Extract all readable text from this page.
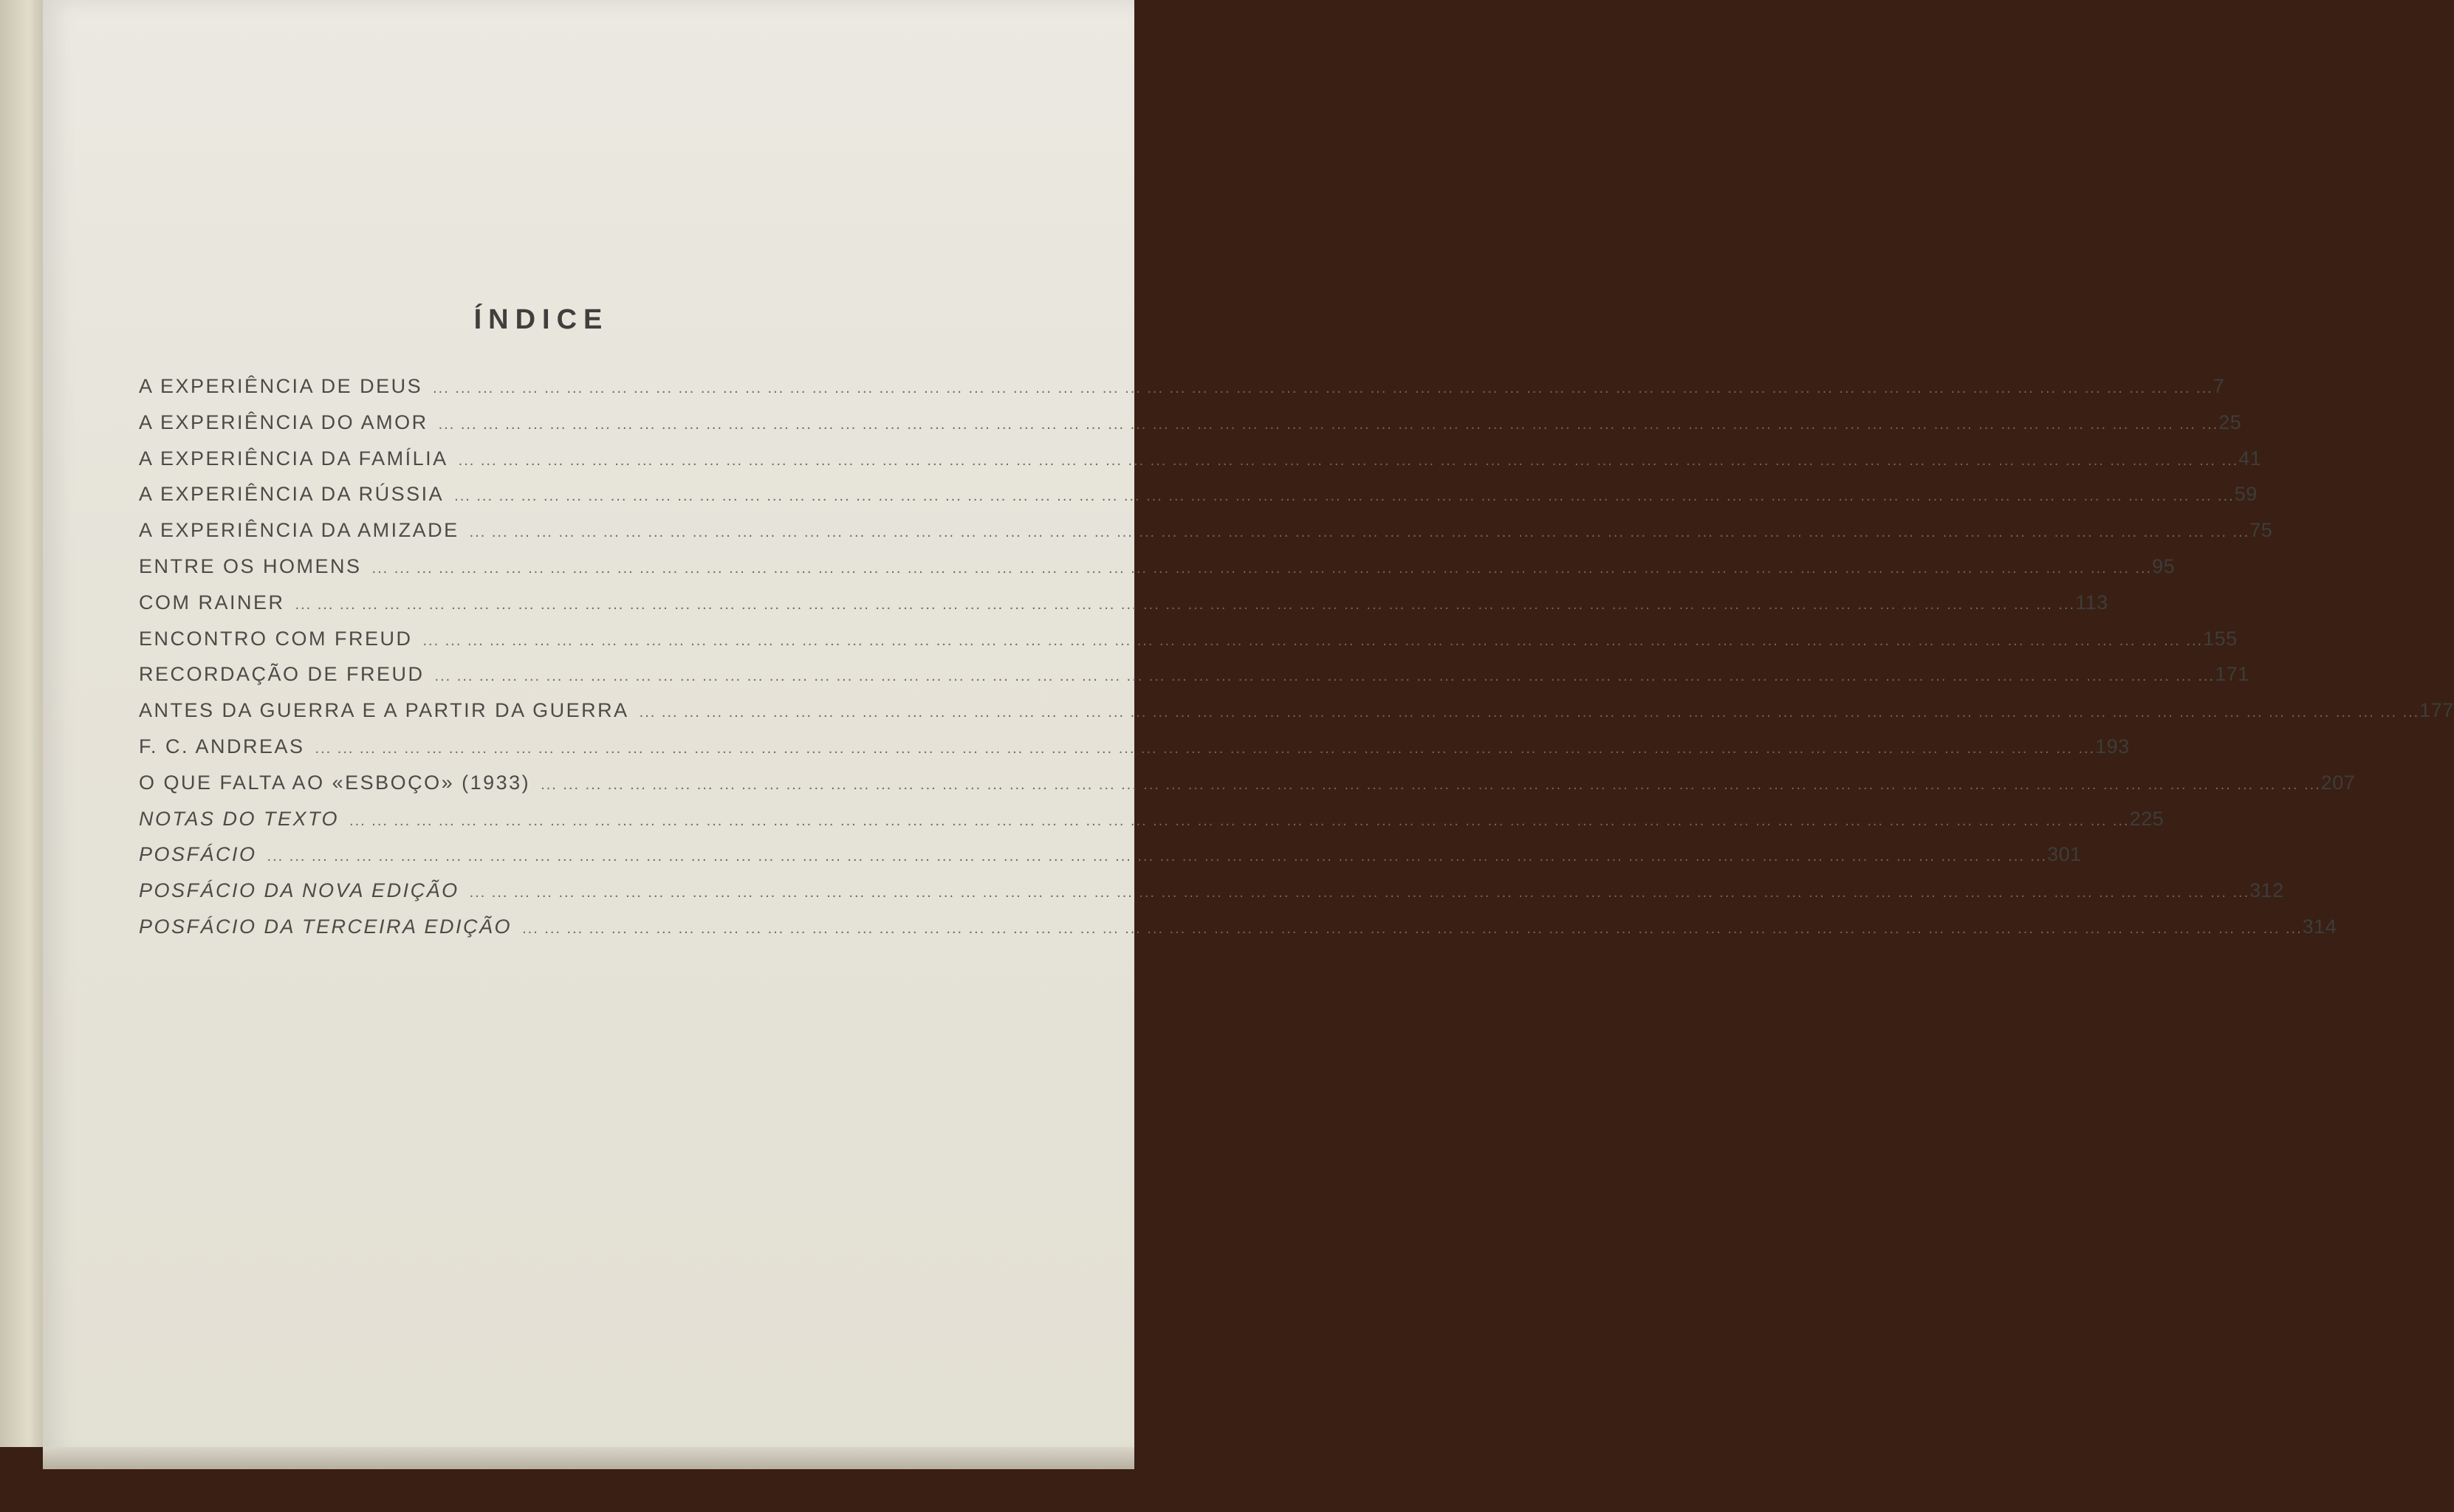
ÍNDICE
A EXPERIÊNCIA DE DEUS ... ... ... ... ... ... ... ... ... ... ... ... ... ... ... ... ... ... ... ... ... ... ... ... ... ... ... ... ... ... ... ... ... ... ... ... ... ... ... ... ... ... ... ... ... ... ... ... ... ... ... ... ... ... ... ... ... ... ... ... ... ... ... ... ... ... ... ... ... ... ... ... ... ... ... ... ... ... ... ... 7
A EXPERIÊNCIA DO AMOR ... ... ... ... ... ... ... ... ... ... ... ... ... ... ... ... ... ... ... ... ... ... ... ... ... ... ... ... ... ... ... ... ... ... ... ... ... ... ... ... ... ... ... ... ... ... ... ... ... ... ... ... ... ... ... ... ... ... ... ... ... ... ... ... ... ... ... ... ... ... ... ... ... ... ... ... ... ... ... ... 25
A EXPERIÊNCIA DA FAMÍLIA ... ... ... ... ... ... ... ... ... ... ... ... ... ... ... ... ... ... ... ... ... ... ... ... ... ... ... ... ... ... ... ... ... ... ... ... ... ... ... ... ... ... ... ... ... ... ... ... ... ... ... ... ... ... ... ... ... ... ... ... ... ... ... ... ... ... ... ... ... ... ... ... ... ... ... ... ... ... ... ... 41
A EXPERIÊNCIA DA RÚSSIA ... ... ... ... ... ... ... ... ... ... ... ... ... ... ... ... ... ... ... ... ... ... ... ... ... ... ... ... ... ... ... ... ... ... ... ... ... ... ... ... ... ... ... ... ... ... ... ... ... ... ... ... ... ... ... ... ... ... ... ... ... ... ... ... ... ... ... ... ... ... ... ... ... ... ... ... ... ... ... ... 59
A EXPERIÊNCIA DA AMIZADE ... ... ... ... ... ... ... ... ... ... ... ... ... ... ... ... ... ... ... ... ... ... ... ... ... ... ... ... ... ... ... ... ... ... ... ... ... ... ... ... ... ... ... ... ... ... ... ... ... ... ... ... ... ... ... ... ... ... ... ... ... ... ... ... ... ... ... ... ... ... ... ... ... ... ... ... ... ... ... ... 75
ENTRE OS HOMENS ... ... ... ... ... ... ... ... ... ... ... ... ... ... ... ... ... ... ... ... ... ... ... ... ... ... ... ... ... ... ... ... ... ... ... ... ... ... ... ... ... ... ... ... ... ... ... ... ... ... ... ... ... ... ... ... ... ... ... ... ... ... ... ... ... ... ... ... ... ... ... ... ... ... ... ... ... ... ... ... 95
COM RAINER ... ... ... ... ... ... ... ... ... ... ... ... ... ... ... ... ... ... ... ... ... ... ... ... ... ... ... ... ... ... ... ... ... ... ... ... ... ... ... ... ... ... ... ... ... ... ... ... ... ... ... ... ... ... ... ... ... ... ... ... ... ... ... ... ... ... ... ... ... ... ... ... ... ... ... ... ... ... ... ... 113
ENCONTRO COM FREUD ... ... ... ... ... ... ... ... ... ... ... ... ... ... ... ... ... ... ... ... ... ... ... ... ... ... ... ... ... ... ... ... ... ... ... ... ... ... ... ... ... ... ... ... ... ... ... ... ... ... ... ... ... ... ... ... ... ... ... ... ... ... ... ... ... ... ... ... ... ... ... ... ... ... ... ... ... ... ... ... 155
RECORDAÇÃO DE FREUD ... ... ... ... ... ... ... ... ... ... ... ... ... ... ... ... ... ... ... ... ... ... ... ... ... ... ... ... ... ... ... ... ... ... ... ... ... ... ... ... ... ... ... ... ... ... ... ... ... ... ... ... ... ... ... ... ... ... ... ... ... ... ... ... ... ... ... ... ... ... ... ... ... ... ... ... ... ... ... ... 171
ANTES DA GUERRA E A PARTIR DA GUERRA ... ... ... ... ... ... ... ... ... ... ... ... ... ... ... ... ... ... ... ... ... ... ... ... ... ... ... ... ... ... ... ... ... ... ... ... ... ... ... ... ... ... ... ... ... ... ... ... ... ... ... ... ... ... ... ... ... ... ... ... ... ... ... ... ... ... ... ... ... ... ... ... ... ... ... ... ... ... ... ... 177
F. C. ANDREAS ... ... ... ... ... ... ... ... ... ... ... ... ... ... ... ... ... ... ... ... ... ... ... ... ... ... ... ... ... ... ... ... ... ... ... ... ... ... ... ... ... ... ... ... ... ... ... ... ... ... ... ... ... ... ... ... ... ... ... ... ... ... ... ... ... ... ... ... ... ... ... ... ... ... ... ... ... ... ... ... 193
O QUE FALTA AO «ESBOÇO» (1933) ... ... ... ... ... ... ... ... ... ... ... ... ... ... ... ... ... ... ... ... ... ... ... ... ... ... ... ... ... ... ... ... ... ... ... ... ... ... ... ... ... ... ... ... ... ... ... ... ... ... ... ... ... ... ... ... ... ... ... ... ... ... ... ... ... ... ... ... ... ... ... ... ... ... ... ... ... ... ... ... 207
NOTAS DO TEXTO ... ... ... ... ... ... ... ... ... ... ... ... ... ... ... ... ... ... ... ... ... ... ... ... ... ... ... ... ... ... ... ... ... ... ... ... ... ... ... ... ... ... ... ... ... ... ... ... ... ... ... ... ... ... ... ... ... ... ... ... ... ... ... ... ... ... ... ... ... ... ... ... ... ... ... ... ... ... ... ... 225
POSFÁCIO ... ... ... ... ... ... ... ... ... ... ... ... ... ... ... ... ... ... ... ... ... ... ... ... ... ... ... ... ... ... ... ... ... ... ... ... ... ... ... ... ... ... ... ... ... ... ... ... ... ... ... ... ... ... ... ... ... ... ... ... ... ... ... ... ... ... ... ... ... ... ... ... ... ... ... ... ... ... ... ... 301
POSFÁCIO DA NOVA EDIÇÃO ... ... ... ... ... ... ... ... ... ... ... ... ... ... ... ... ... ... ... ... ... ... ... ... ... ... ... ... ... ... ... ... ... ... ... ... ... ... ... ... ... ... ... ... ... ... ... ... ... ... ... ... ... ... ... ... ... ... ... ... ... ... ... ... ... ... ... ... ... ... ... ... ... ... ... ... ... ... ... ... 312
POSFÁCIO DA TERCEIRA EDIÇÃO ... ... ... ... ... ... ... ... ... ... ... ... ... ... ... ... ... ... ... ... ... ... ... ... ... ... ... ... ... ... ... ... ... ... ... ... ... ... ... ... ... ... ... ... ... ... ... ... ... ... ... ... ... ... ... ... ... ... ... ... ... ... ... ... ... ... ... ... ... ... ... ... ... ... ... ... ... ... ... ... 314
